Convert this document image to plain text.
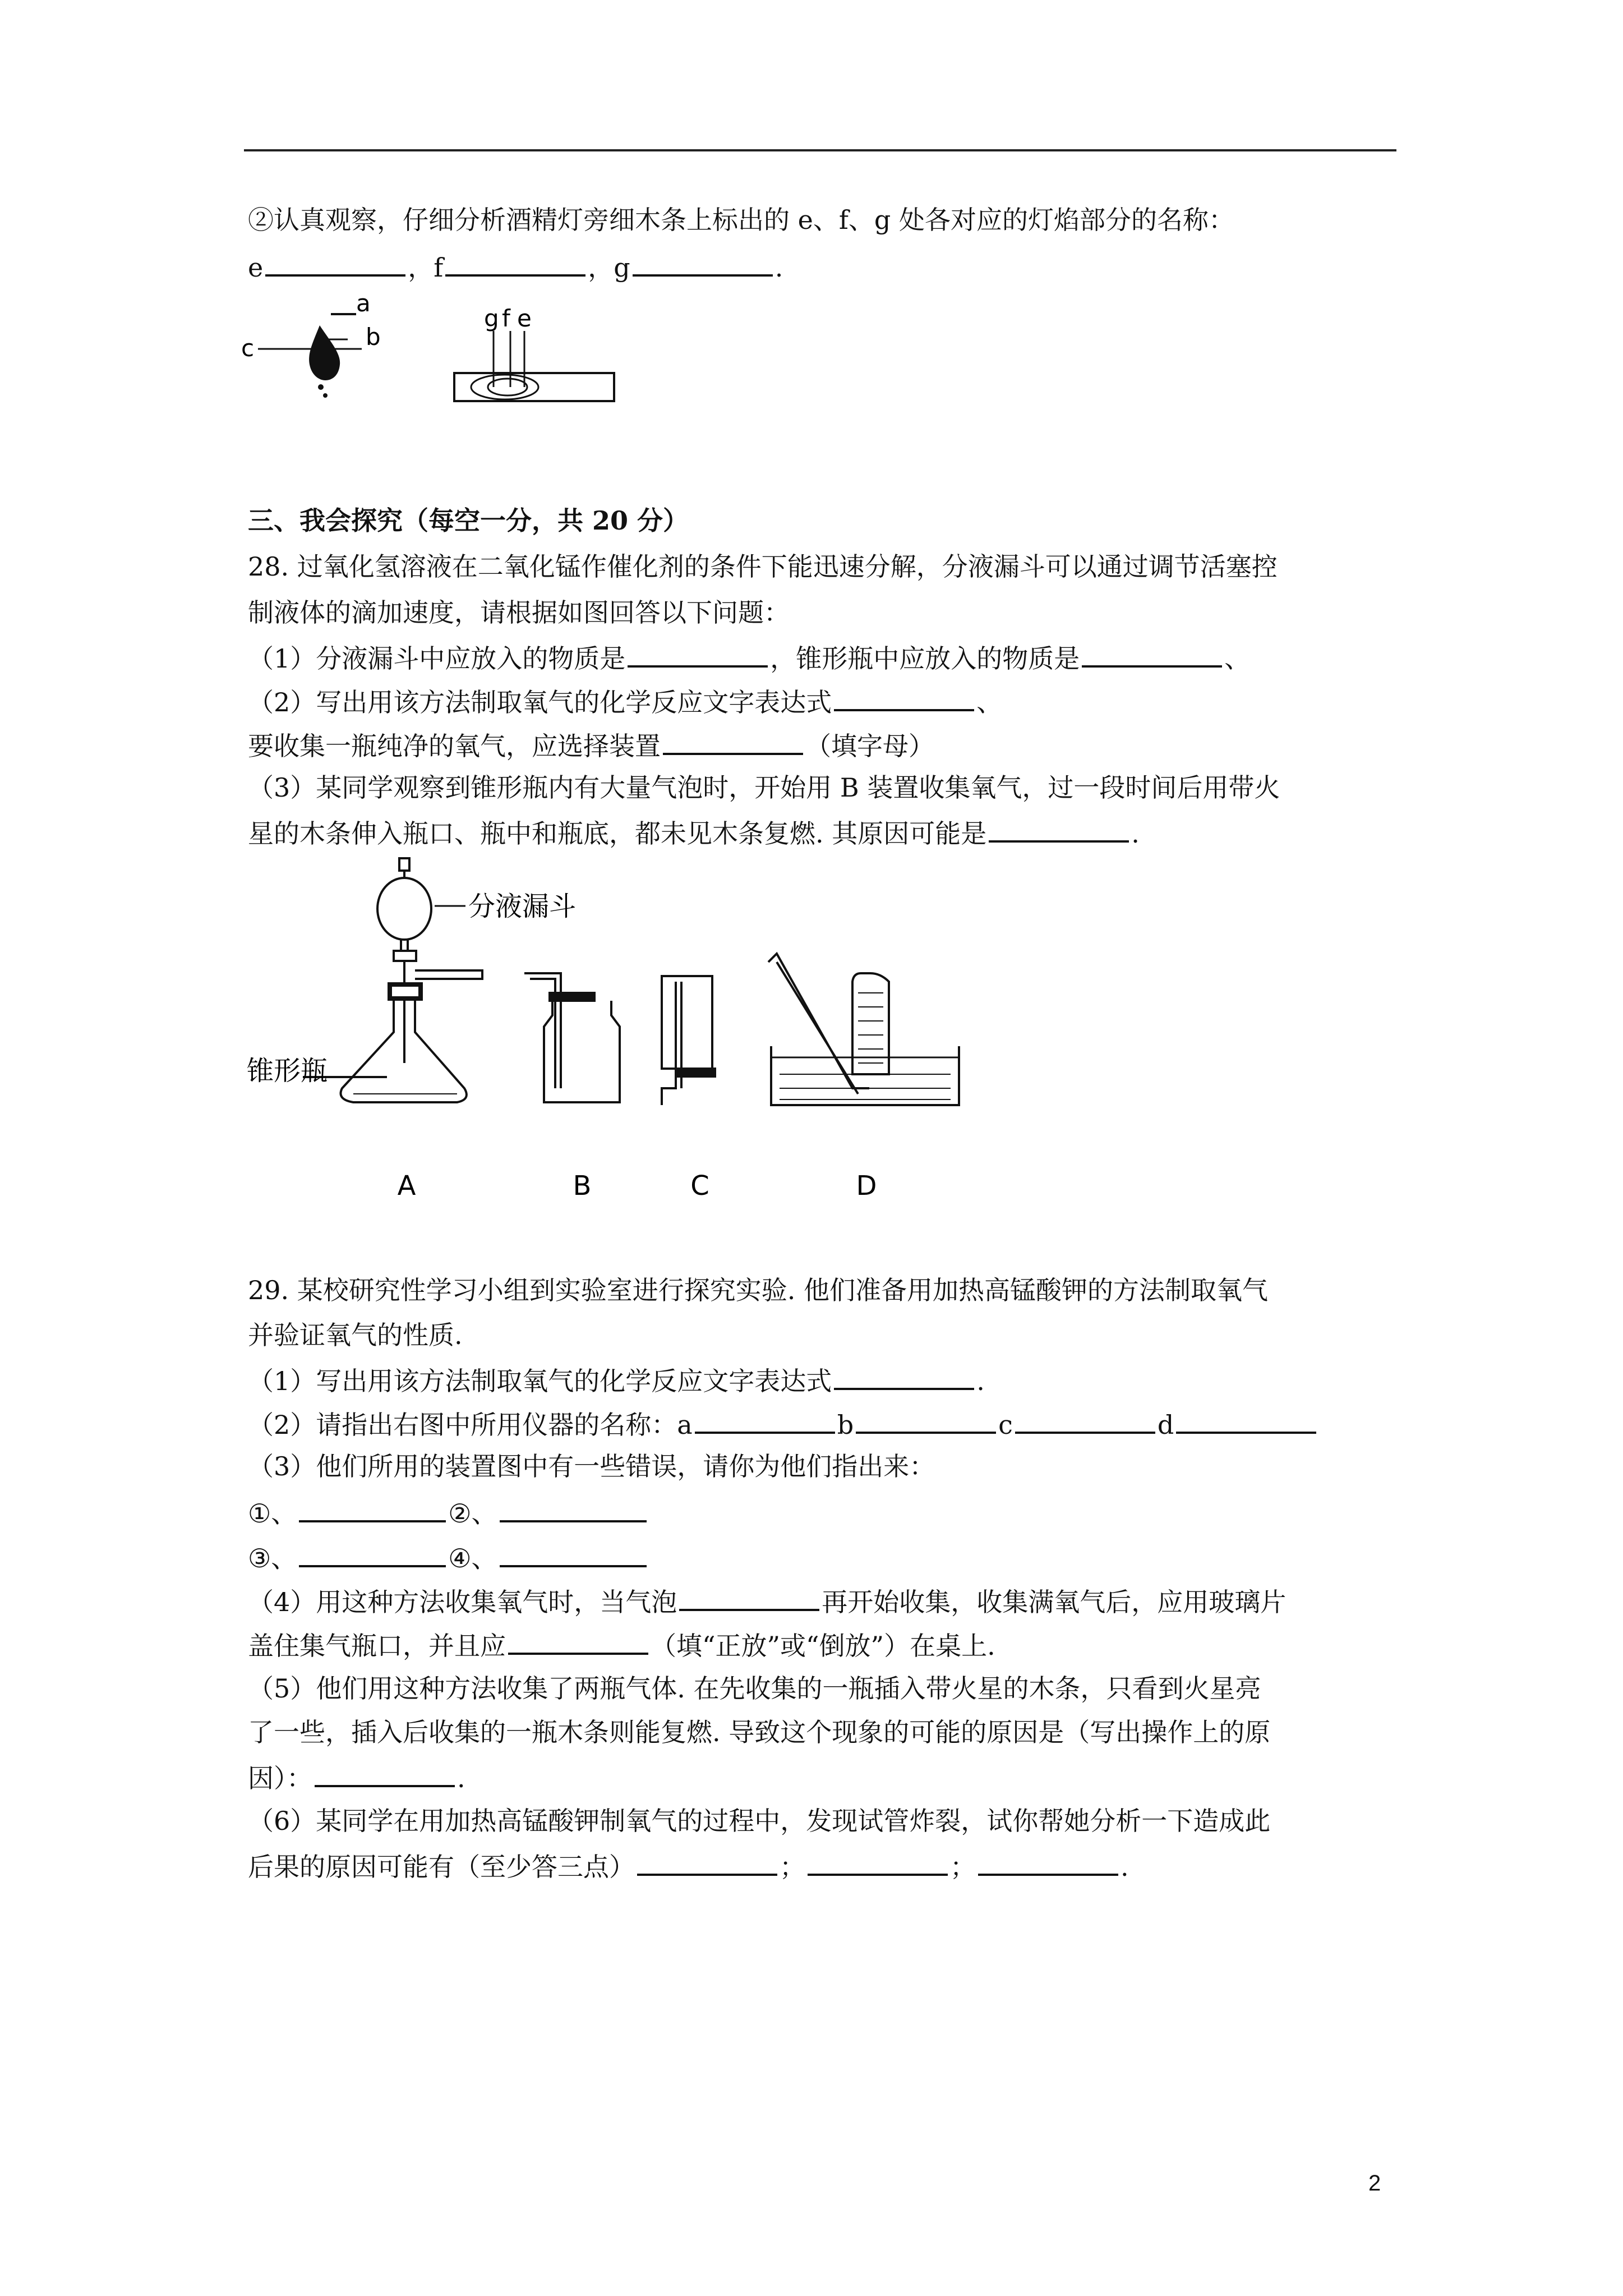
②认真观察，仔细分析酒精灯旁细木条上标出的 e、f、g 处各对应的灯焰部分的名称：
e	，f	，g	.
a
b
c
g f e
三、我会探究（每空一分，共 20 分）
28. 过氧化氢溶液在二氧化锰作催化剂的条件下能迅速分解，分液漏斗可以通过调节活塞控
制液体的滴加速度，请根据如图回答以下问题：
（1）分液漏斗中应放入的物质是	，锥形瓶中应放入的物质是	、
（2）写出用该方法制取氧气的化学反应文字表达式	、
要收集一瓶纯净的氧气，应选择装置	（填字母）
（3）某同学观察到锥形瓶内有大量气泡时，开始用 B 装置收集氧气，过一段时间后用带火
星的木条伸入瓶口、瓶中和瓶底，都未见木条复燃. 其原因可能是	.
分液漏斗
锥形瓶
A	B	C	D
29. 某校研究性学习小组到实验室进行探究实验. 他们准备用加热高锰酸钾的方法制取氧气
并验证氧气的性质.
（1）写出用该方法制取氧气的化学反应文字表达式	.
（2）请指出右图中所用仪器的名称：a	b	c	d
（3）他们所用的装置图中有一些错误，请你为他们指出来：
①、	②、
③、	④、
（4）用这种方法收集氧气时，当气泡	再开始收集，收集满氧气后，应用玻璃片
盖住集气瓶口，并且应	（填“正放”或“倒放”）在桌上.
（5）他们用这种方法收集了两瓶气体. 在先收集的一瓶插入带火星的木条，只看到火星亮
了一些，插入后收集的一瓶木条则能复燃. 导致这个现象的可能的原因是（写出操作上的原
因）：	.
（6）某同学在用加热高锰酸钾制氧气的过程中，发现试管炸裂，试你帮她分析一下造成此
后果的原因可能有（至少答三点）	；	；	.
2
